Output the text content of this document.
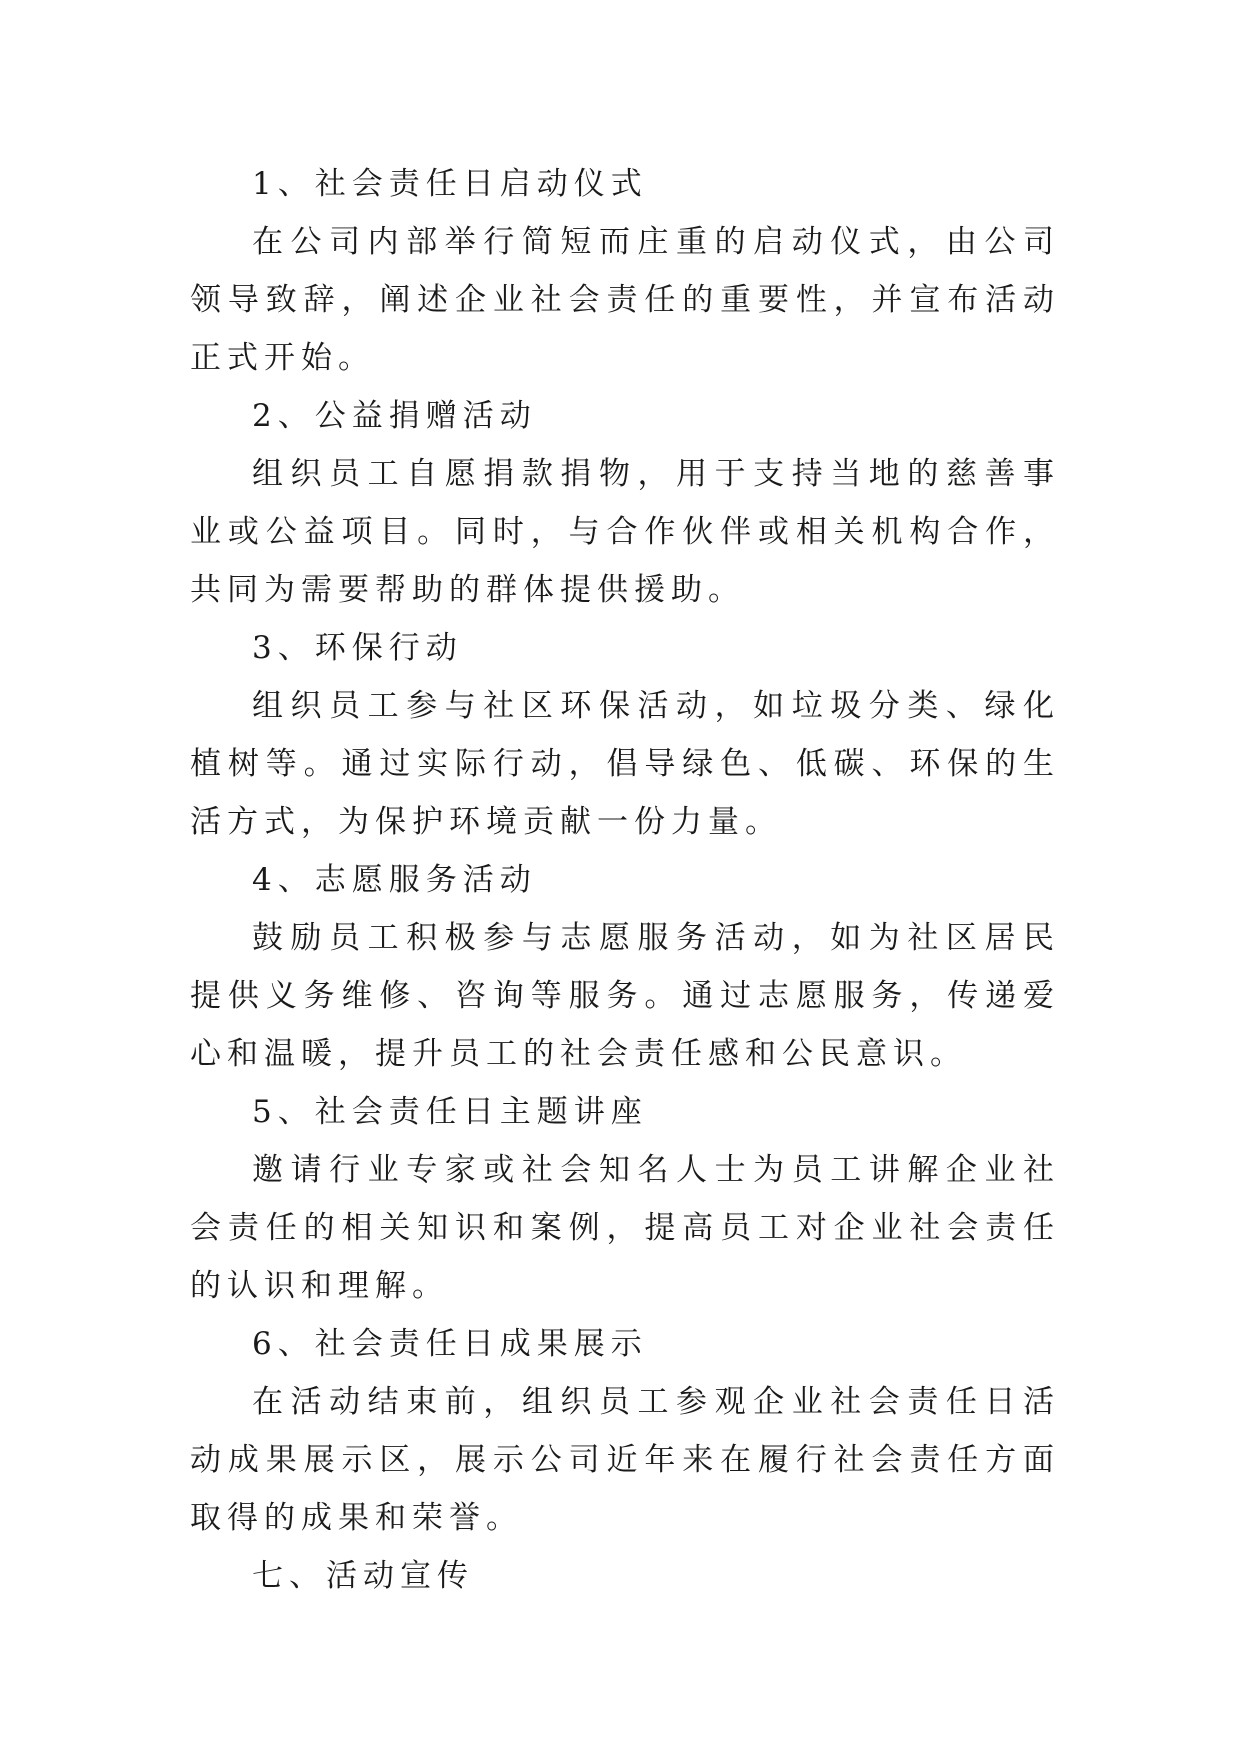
1、社会责任日启动仪式

在公司内部举行简短而庄重的启动仪式，由公司领导致辞，阐述企业社会责任的重要性，并宣布活动正式开始。

2、公益捐赠活动

组织员工自愿捐款捐物，用于支持当地的慈善事业或公益项目。同时，与合作伙伴或相关机构合作，共同为需要帮助的群体提供援助。

3、环保行动

组织员工参与社区环保活动，如垃圾分类、绿化植树等。通过实际行动，倡导绿色、低碳、环保的生活方式，为保护环境贡献一份力量。

4、志愿服务活动

鼓励员工积极参与志愿服务活动，如为社区居民提供义务维修、咨询等服务。通过志愿服务，传递爱心和温暖，提升员工的社会责任感和公民意识。

5、社会责任日主题讲座

邀请行业专家或社会知名人士为员工讲解企业社会责任的相关知识和案例，提高员工对企业社会责任的认识和理解。

6、社会责任日成果展示

在活动结束前，组织员工参观企业社会责任日活动成果展示区，展示公司近年来在履行社会责任方面取得的成果和荣誉。

七、活动宣传
